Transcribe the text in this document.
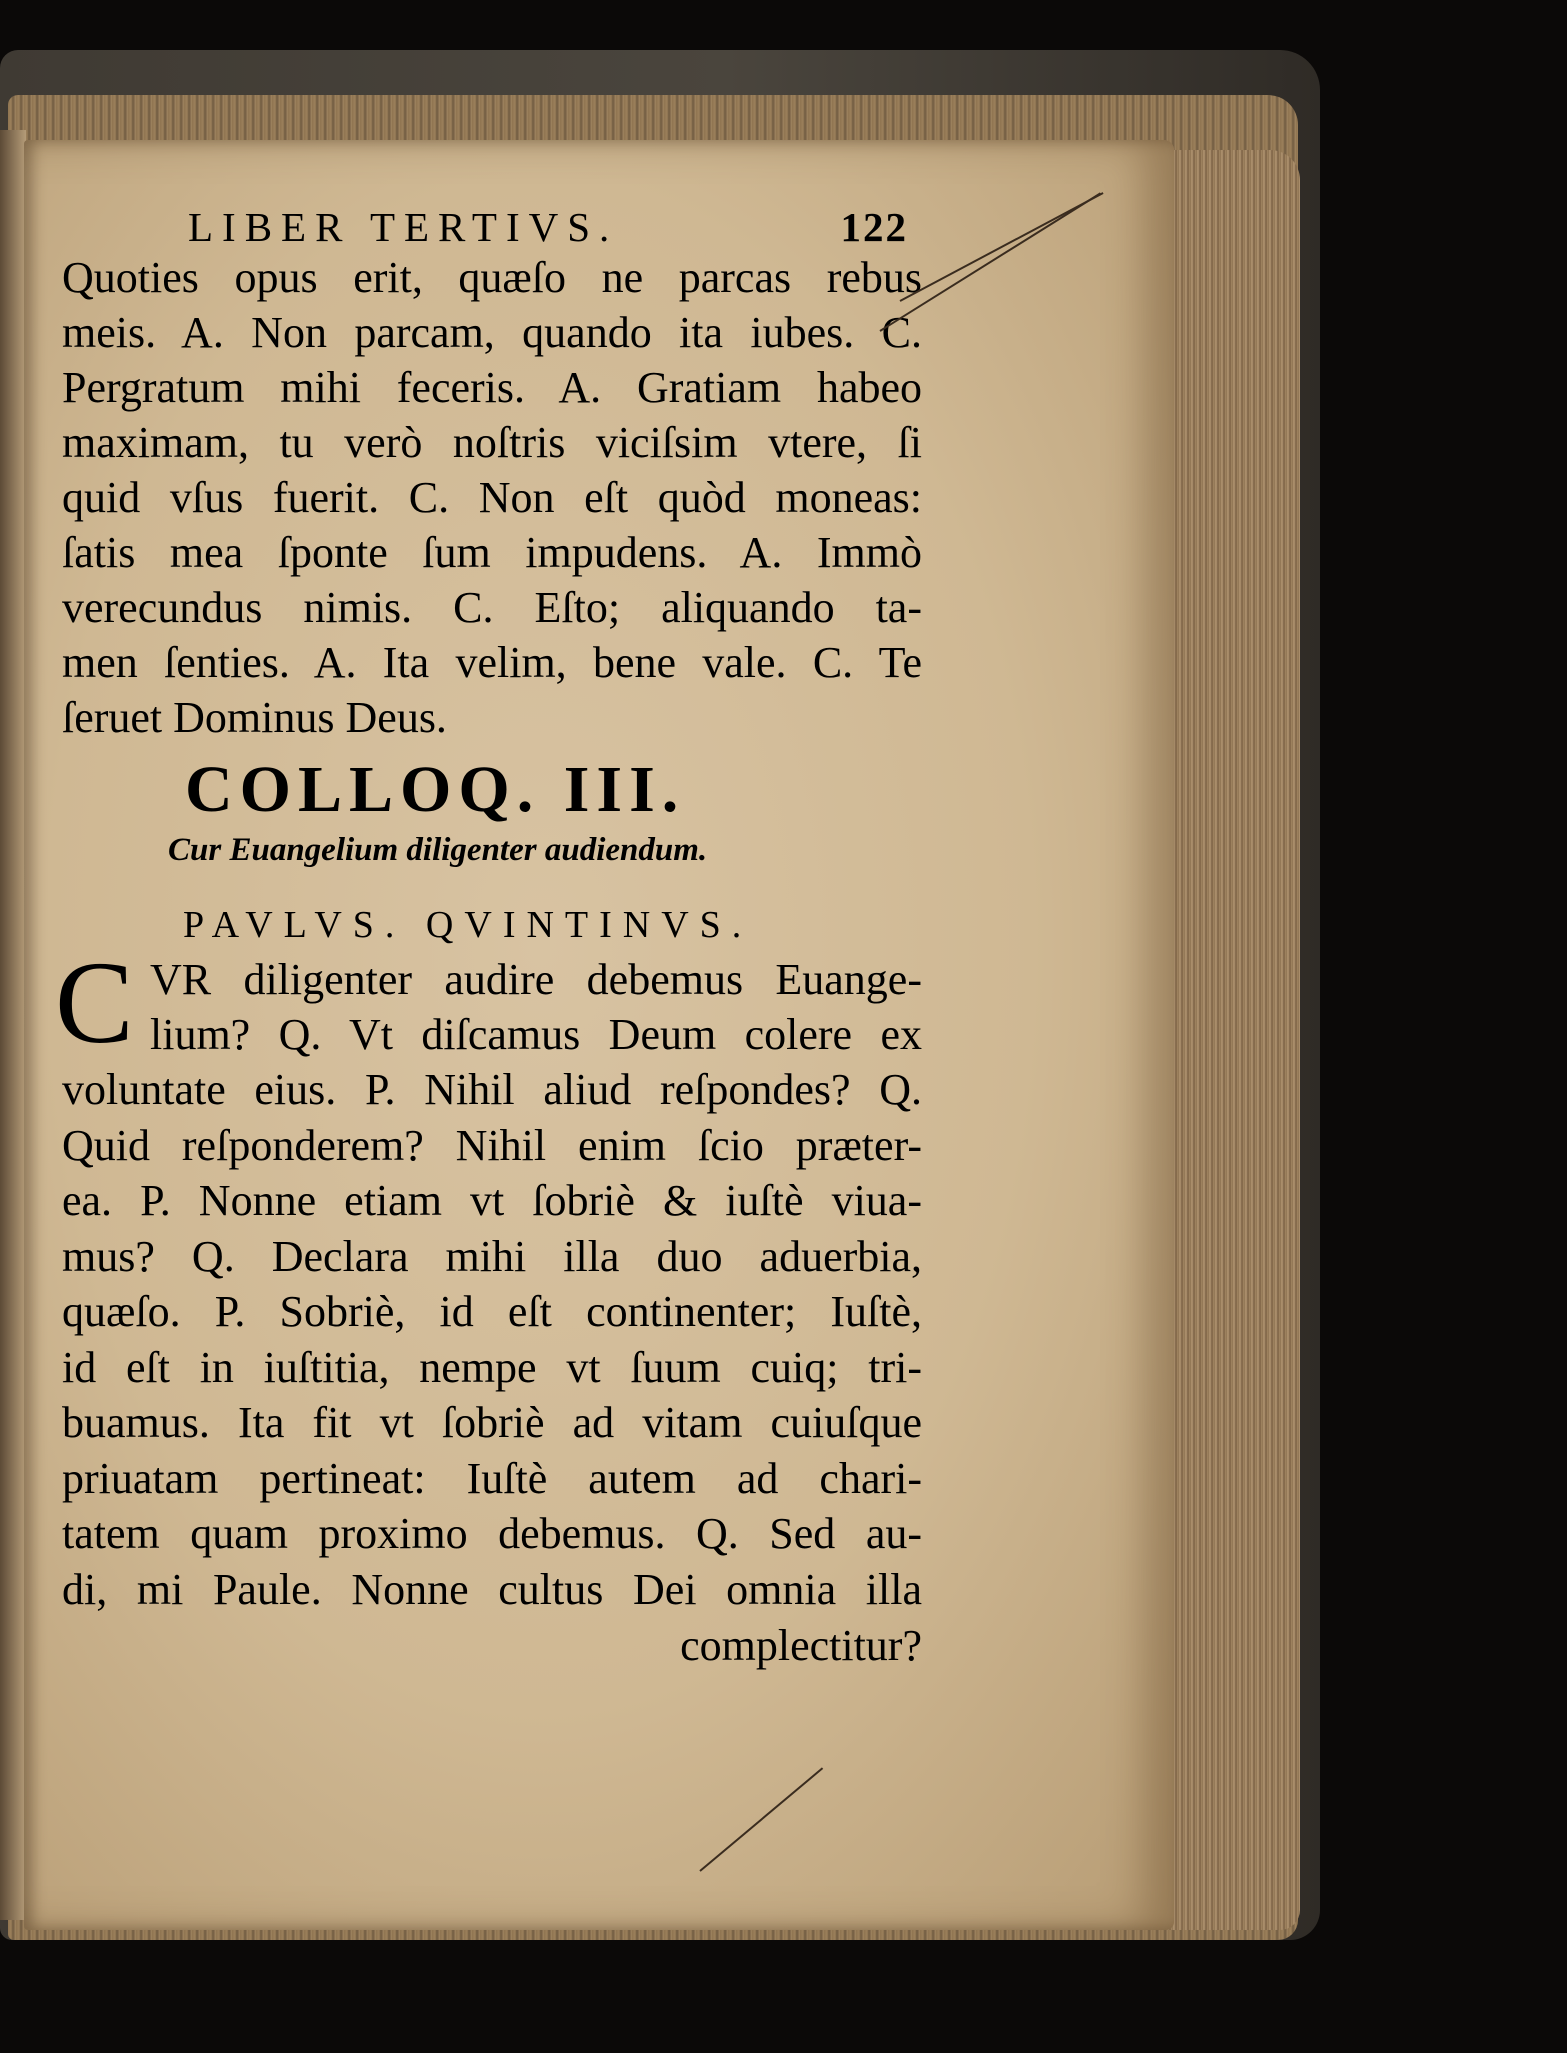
LIBER TERTIVS.	122
Quoties opus erit, quæſo ne parcas rebus
meis. A. Non parcam, quando ita iubes. C.
Pergratum mihi feceris. A. Gratiam habeo
maximam, tu verò noſtris viciſsim vtere, ſi
quid vſus fuerit. C. Non eſt quòd moneas:
ſatis mea ſponte ſum impudens. A. Immò
verecundus nimis. C. Eſto; aliquando ta-
men ſenties. A. Ita velim, bene vale. C. Te
ſeruet Dominus Deus.
COLLOQ. III.
Cur Euangelium diligenter audiendum.
PAVLVS. QVINTINVS.
C VR diligenter audire debemus Euange-
lium? Q. Vt diſcamus Deum colere ex
voluntate eius. P. Nihil aliud reſpondes? Q.
Quid reſponderem? Nihil enim ſcio præter-
ea. P. Nonne etiam vt ſobriè & iuſtè viua-
mus? Q. Declara mihi illa duo aduerbia,
quæſo. P. Sobriè, id eſt continenter; Iuſtè,
id eſt in iuſtitia, nempe vt ſuum cuiq; tri-
buamus. Ita fit vt ſobriè ad vitam cuiuſque
priuatam pertineat: Iuſtè autem ad chari-
tatem quam proximo debemus. Q. Sed au-
di, mi Paule. Nonne cultus Dei omnia illa
complectitur?
